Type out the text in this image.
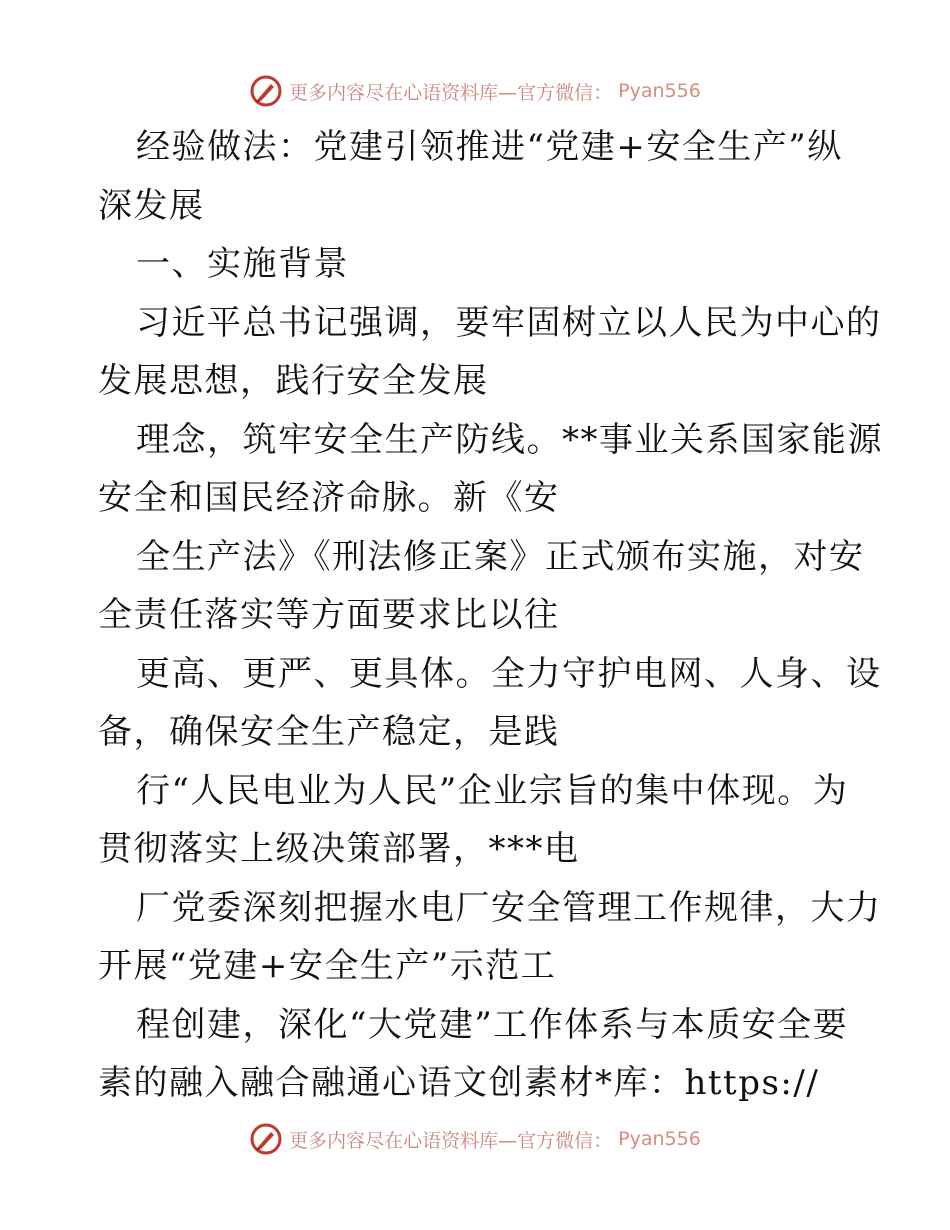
更多内容尽在心语资料库—官方微信： Pyan556
经验做法：党建引领推进“党建+安全生产”纵
深发展
一、实施背景
习近平总书记强调，要牢固树立以人民为中心的
发展思想，践行安全发展
理念，筑牢安全生产防线。**事业关系国家能源
安全和国民经济命脉。新《安
全生产法》《刑法修正案》正式颁布实施，对安
全责任落实等方面要求比以往
更高、更严、更具体。全力守护电网、人身、设
备，确保安全生产稳定，是践
行“人民电业为人民”企业宗旨的集中体现。为
贯彻落实上级决策部署，***电
厂党委深刻把握水电厂安全管理工作规律，大力
开展“党建+安全生产”示范工
程创建，深化“大党建”工作体系与本质安全要
素的融入融合融通心语文创素材*库：https://
更多内容尽在心语资料库—官方微信： Pyan556
